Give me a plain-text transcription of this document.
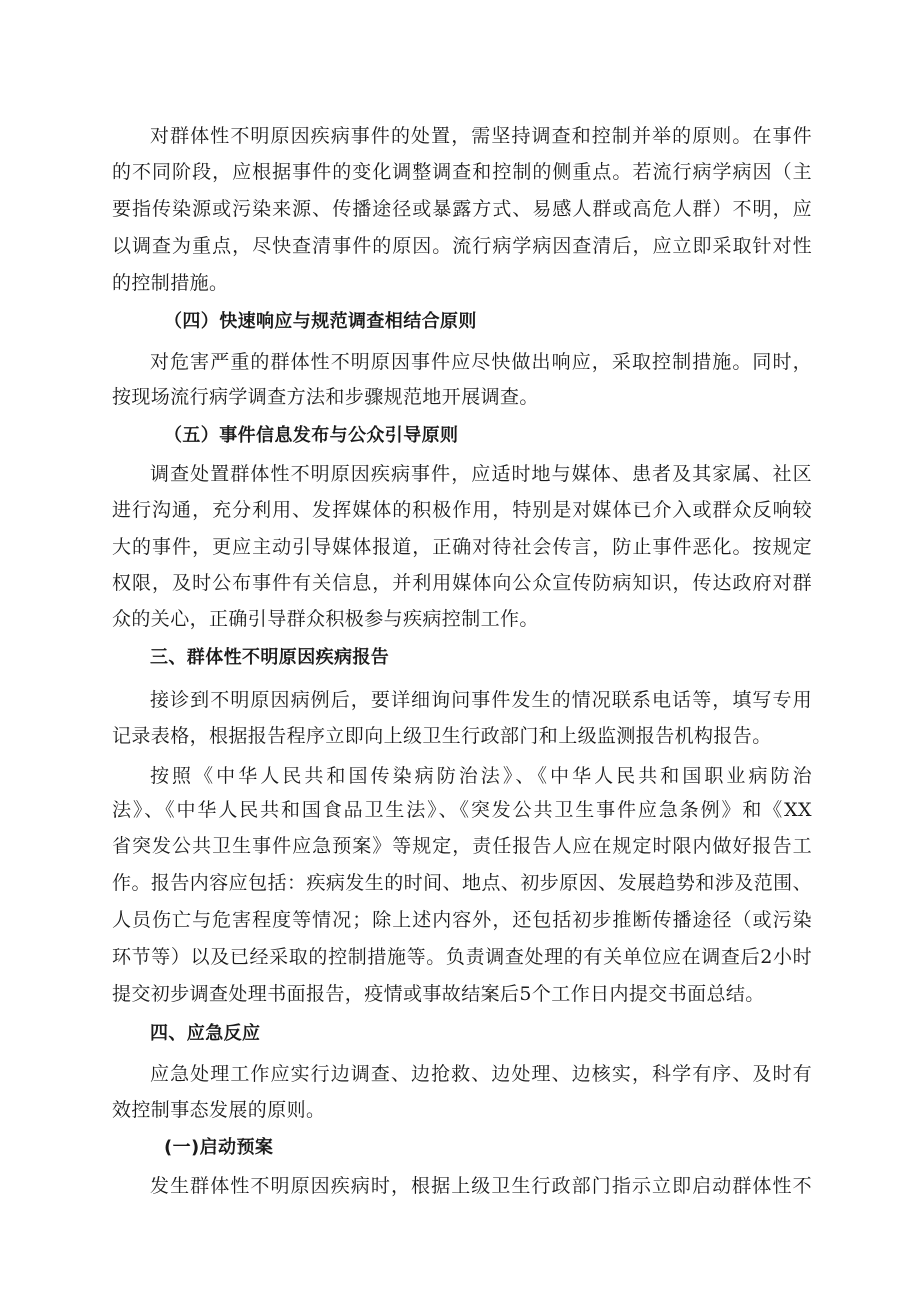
对群体性不明原因疾病事件的处置，需坚持调查和控制并举的原则。在事件
的不同阶段，应根据事件的变化调整调查和控制的侧重点。若流行病学病因（主
要指传染源或污染来源、传播途径或暴露方式、易感人群或高危人群）不明，应
以调查为重点，尽快查清事件的原因。流行病学病因查清后，应立即采取针对性
的控制措施。
（四）快速响应与规范调查相结合原则
对危害严重的群体性不明原因事件应尽快做出响应，采取控制措施。同时，
按现场流行病学调查方法和步骤规范地开展调查。
（五）事件信息发布与公众引导原则
调查处置群体性不明原因疾病事件，应适时地与媒体、患者及其家属、社区
进行沟通，充分利用、发挥媒体的积极作用，特别是对媒体已介入或群众反响较
大的事件，更应主动引导媒体报道，正确对待社会传言，防止事件恶化。按规定
权限，及时公布事件有关信息，并利用媒体向公众宣传防病知识，传达政府对群
众的关心，正确引导群众积极参与疾病控制工作。
三、群体性不明原因疾病报告
接诊到不明原因病例后，要详细询问事件发生的情况联系电话等，填写专用
记录表格，根据报告程序立即向上级卫生行政部门和上级监测报告机构报告。
按照《中华人民共和国传染病防治法》、《中华人民共和国职业病防治
法》、《中华人民共和国食品卫生法》、《突发公共卫生事件应急条例》和《XX
省突发公共卫生事件应急预案》等规定，责任报告人应在规定时限内做好报告工
作。报告内容应包括：疾病发生的时间、地点、初步原因、发展趋势和涉及范围、
人员伤亡与危害程度等情况；除上述内容外，还包括初步推断传播途径（或污染
环节等）以及已经采取的控制措施等。负责调查处理的有关单位应在调查后2小时
提交初步调查处理书面报告，疫情或事故结案后5个工作日内提交书面总结。
四、应急反应
应急处理工作应实行边调查、边抢救、边处理、边核实，科学有序、及时有
效控制事态发展的原则。
(一)启动预案
发生群体性不明原因疾病时，根据上级卫生行政部门指示立即启动群体性不
